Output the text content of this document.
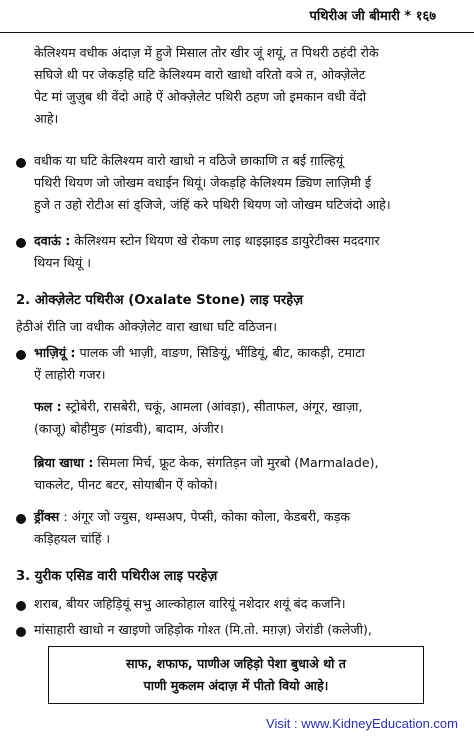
पथिरीअ जी बीमारी * १६७
केलिश्यम वधीक अंदाज़ में हुजे मिसाल तोर खीर जूं शयूं, त पिथरी ठहंदी रोके
सघिजे थी पर जेकड़हि घटि केलिश्यम वारो खाधो वरितो वञे त, ओक्ज़ेलेट
पेट मां जुज़ुब थी वेंदो आहे ऐं ओक्ज़ेलेट पथिरी ठहण जो इमकान वधी वेंदो
आहे।
वधीक या घटि केलिश्यम वारो खाधो न वठिजे छाकाणि त बई ग़ाल्हियूं
पथिरी थियण जो जोखम वधाईन थियूं। जेकड़हि केलिश्यम ड्यिण लाज़िमी ई
हुजे त उहो रोटीअ सां ड्जिजे, जंहिं करे पथिरी थियण जो जोखम घटिजंदो आहे।
दवाऊं : केलिश्यम स्टोन थियण खे रोकण लाइ थाइझाइड डायुरेटीक्स मददगार
थियन थियूं ।
2. ओक्ज़ेलेट पथिरीअ (Oxalate Stone) लाइ परहेज़
हेठीअं रीति जा वधीक ओक्ज़ेलेट वारा खाधा घटि वठिजन।
भाज़ियूं : पालक जी भाज़ी, वाङण, सिङियूं, भींडियूं, बीट, काकड़ी, टमाटा
ऐं लाहोरी गजर।
फल : स्ट्रोबेरी, रासबेरी, चकूं, आमला (आंवड़ा), सीताफल, अंगूर, खाज़ा,
(काजू) बोहीमुङ (मांडवी), बादाम, अंजीर।
ब्रिया खाधा : सिमला मिर्च, फ्रूट केक, संगतिड़न जो मुरबो (Marmalade),
चाकलेट, पीनट बटर, सोयाबीन ऐं कोको।
ड्रींक्स : अंगूर जो ज्युस, थम्सअप, पेप्सी, कोका कोला, केडबरी, कड़क
कड़िहयल चांहिं ।
3. युरीक एसिड वारी पथिरीअ लाइ परहेज़
शराब, बीयर जहिड़ियूं सभु आल्कोहाल वारियूं नशेदार शयूं बंद कजनि।
मांसाहारी खाधो न खाइणो जहिड़ोक गोश्त (मि.तो. मग़ज़) जेरांडी (कलेजी),
साफ, शफाफ, पाणीअ जहिड़ो पेशा बुधाअे थो त
पाणी मुकलम अंदाज़ में पीतो वियो आहे।
Visit : www.KidneyEducation.com
